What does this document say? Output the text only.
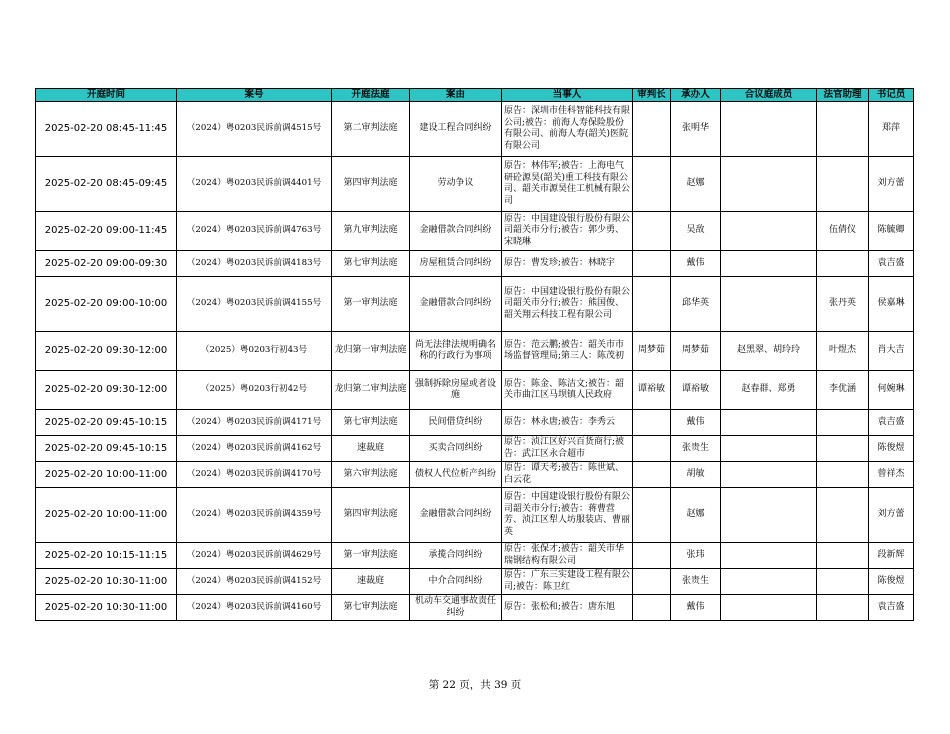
开庭时间	案号	开庭法庭	案由	当事人	审判长	承办人	合议庭成员	法官助理	书记员
2025-02-20 08:45-11:45	（2024）粤0203民诉前调4515号	第二审判法庭	建设工程合同纠纷	原告：深圳市佳科智能科技有限公司;被告：前海人寿保险股份有限公司、前海人寿(韶关)医院有限公司		张明华			郑萍
2025-02-20 08:45-09:45	（2024）粤0203民诉前调4401号	第四审判法庭	劳动争议	原告：林伟军;被告：上海电气研砼源昊(韶关)重工科技有限公司、韶关市源昊住工机械有限公司		赵娜			刘方蕾
2025-02-20 09:00-11:45	（2024）粤0203民诉前调4763号	第九审判法庭	金融借款合同纠纷	原告：中国建设银行股份有限公司韶关市分行;被告：郭少勇、宋晓琳		吴敌		伍倩仪	陈毓卿
2025-02-20 09:00-09:30	（2024）粤0203民诉前调4183号	第七审判法庭	房屋租赁合同纠纷	原告：曹发珍;被告：林晓宇		戴伟			袁吉盛
2025-02-20 09:00-10:00	（2024）粤0203民诉前调4155号	第一审判法庭	金融借款合同纠纷	原告：中国建设银行股份有限公司韶关市分行;被告：熊国俊、韶关翔云科技工程有限公司		邱华英		张丹英	侯嘉琳
2025-02-20 09:30-12:00	（2025）粤0203行初43号	龙归第一审判法庭	尚无法律法规明确名称的行政行为事项	原告：范云鹏;被告：韶关市市场监督管理局;第三人：陈茂初	周梦茹	周梦茹	赵黑翠、胡玲玲	叶煜杰	肖大吉
2025-02-20 09:30-12:00	（2025）粤0203行初42号	龙归第二审判法庭	强制拆除房屋或者设施	原告：陈金、陈洁文;被告：韶关市曲江区马坝镇人民政府	谭裕敏	谭裕敏	赵春群、郑勇	李优涵	何婉琳
2025-02-20 09:45-10:15	（2024）粤0203民诉前调4171号	第七审判法庭	民间借贷纠纷	原告：林永唐;被告：李秀云		戴伟			袁吉盛
2025-02-20 09:45-10:15	（2024）粤0203民诉前调4162号	速裁庭	买卖合同纠纷	原告：浈江区好兴百货商行;被告：武江区永合超市		张贵生			陈俊煜
2025-02-20 10:00-11:00	（2024）粤0203民诉前调4170号	第六审判法庭	债权人代位析产纠纷	原告：谭天考;被告：陈世斌、白云花		胡敏			曾祥杰
2025-02-20 10:00-11:00	（2024）粤0203民诉前调4359号	第四审判法庭	金融借款合同纠纷	原告：中国建设银行股份有限公司韶关市分行;被告：蒋曹营芳、浈江区犁人坊服装店、曹丽英		赵娜			刘方蕾
2025-02-20 10:15-11:15	（2024）粤0203民诉前调4629号	第一审判法庭	承揽合同纠纷	原告：张保才;被告：韶关市华瑞钢结构有限公司		张玮			段新辉
2025-02-20 10:30-11:00	（2024）粤0203民诉前调4152号	速裁庭	中介合同纠纷	原告：广东三实建设工程有限公司;被告：陈卫红		张贵生			陈俊煜
2025-02-20 10:30-11:00	（2024）粤0203民诉前调4160号	第七审判法庭	机动车交通事故责任纠纷	原告：张松和;被告：唐东旭		戴伟			袁吉盛
第 22 页，共 39 页
